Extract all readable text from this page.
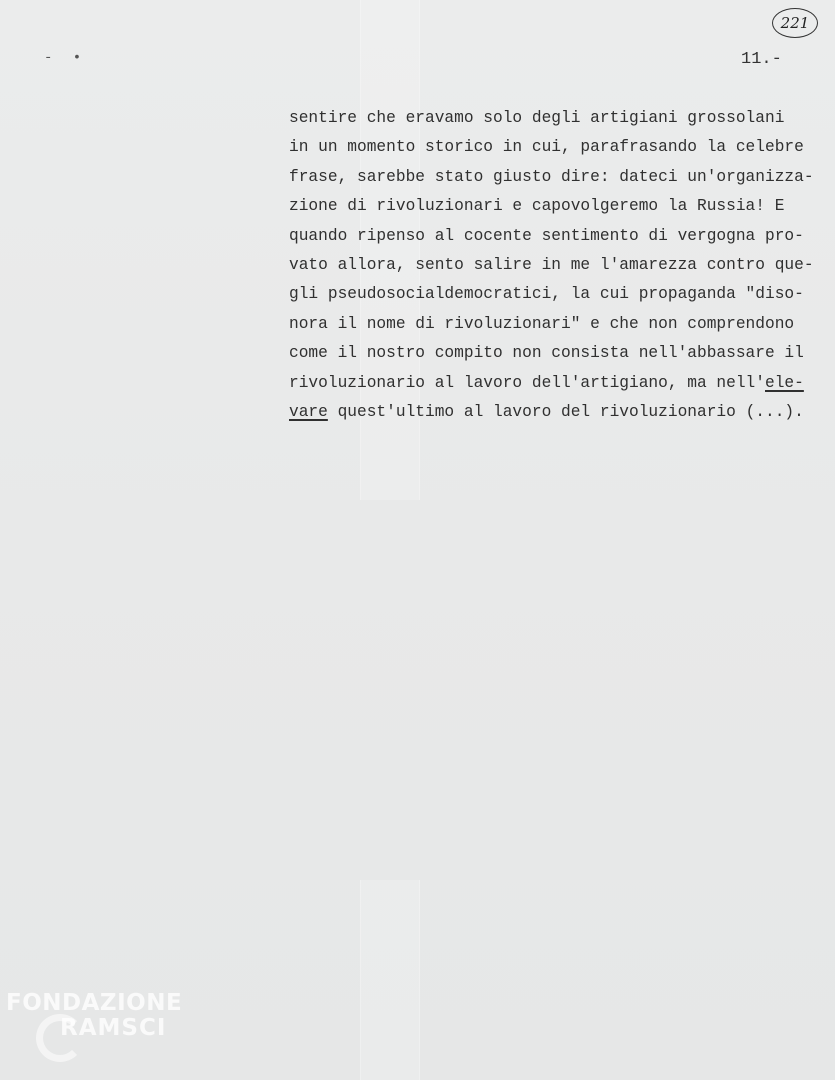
- •
221
11.-
sentire che eravamo solo degli artigiani grossolani
in un momento storico in cui, parafrasando la celebre
frase, sarebbe stato giusto dire: dateci un'organizza-
zione di rivoluzionari e capovolgeremo la Russia! E
quando ripenso al cocente sentimento di vergogna pro-
vato allora, sento salire in me l'amarezza contro que-
gli pseudosocialdemocratici, la cui propaganda "diso-
nora il nome di rivoluzionari" e che non comprendono
come il nostro compito non consista nell'abbassare il
rivoluzionario al lavoro dell'artigiano, ma nell'ele-
vare quest'ultimo al lavoro del rivoluzionario (...).
FONDAZIONE
RAMSCI
